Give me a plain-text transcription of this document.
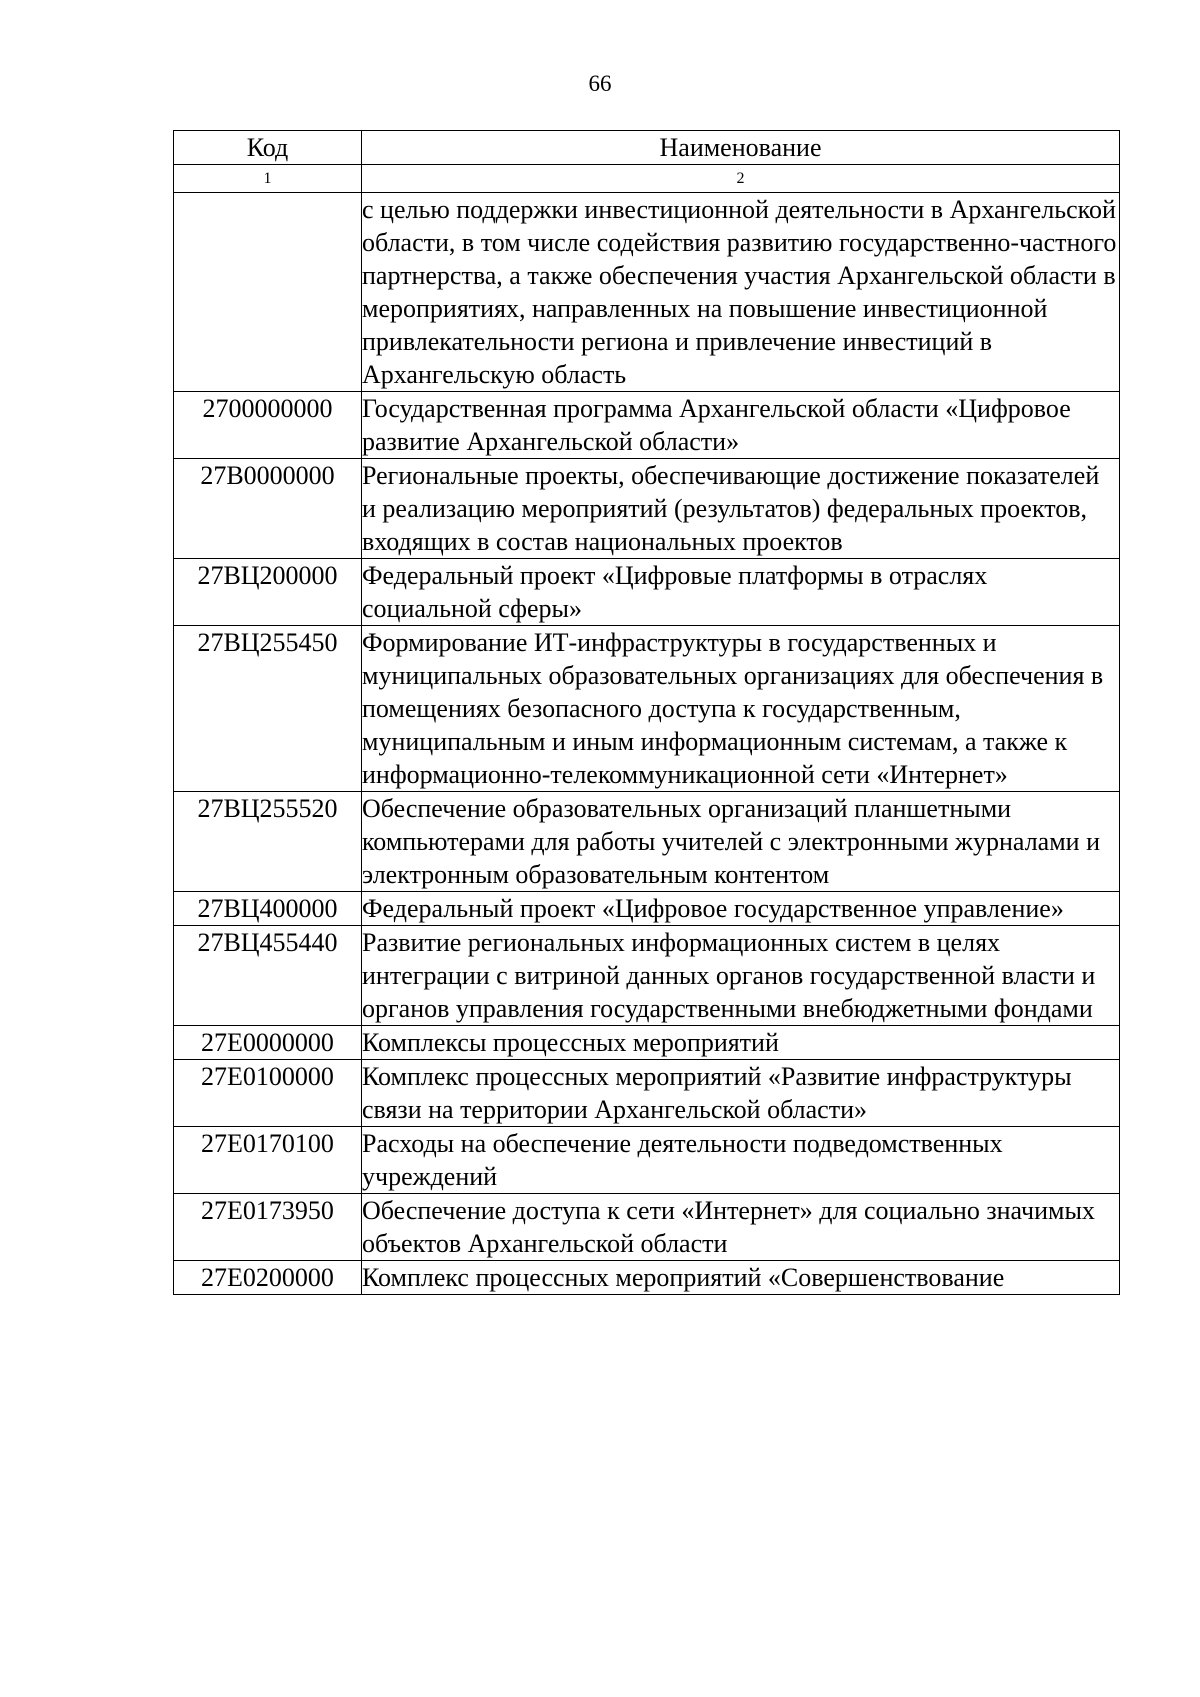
66
Код	Наименование
1	2
	с целью поддержки инвестиционной деятельности в Архангельской области, в том числе содействия развитию государственно-частного партнерства, а также обеспечения участия Архангельской области в мероприятиях, направленных на повышение инвестиционной привлекательности региона и привлечение инвестиций в Архангельскую область
2700000000	Государственная программа Архангельской области «Цифровое развитие Архангельской области»
27В0000000	Региональные проекты, обеспечивающие достижение показателей и реализацию мероприятий (результатов) федеральных проектов, входящих в состав национальных проектов
27ВЦ200000	Федеральный проект «Цифровые платформы в отраслях социальной сферы»
27ВЦ255450	Формирование ИТ-инфраструктуры в государственных и муниципальных образовательных организациях для обеспечения в помещениях безопасного доступа к государственным, муниципальным и иным информационным системам, а также к информационно-телекоммуникационной сети «Интернет»
27ВЦ255520	Обеспечение образовательных организаций планшетными компьютерами для работы учителей с электронными журналами и электронным образовательным контентом
27ВЦ400000	Федеральный проект «Цифровое государственное управление»
27ВЦ455440	Развитие региональных информационных систем в целях интеграции с витриной данных органов государственной власти и органов управления государственными внебюджетными фондами
27Е0000000	Комплексы процессных мероприятий
27Е0100000	Комплекс процессных мероприятий «Развитие инфраструктуры связи на территории Архангельской области»
27Е0170100	Расходы на обеспечение деятельности подведомственных учреждений
27Е0173950	Обеспечение доступа к сети «Интернет» для социально значимых объектов Архангельской области
27Е0200000	Комплекс процессных мероприятий «Совершенствование
